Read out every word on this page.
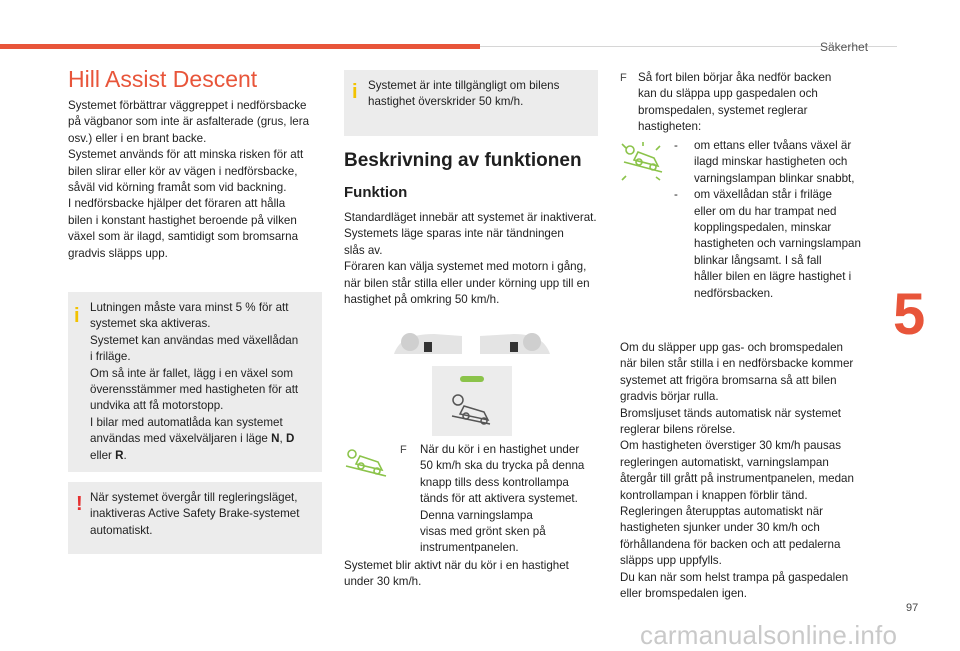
Säkerhet
5
97
carmanualsonline.info
Hill Assist Descent

Systemet förbättrar väggreppet i nedförsbacke

på vägbanor som inte är asfalterade (grus, lera

osv.) eller i en brant backe.

Systemet används för att minska risken för att

bilen slirar eller kör av vägen i nedförsbacke,

såväl vid körning framåt som vid backning.

I nedförsbacke hjälper det föraren att hålla

bilen i konstant hastighet beroende på vilken

växel som är ilagd, samtidigt som bromsarna

gradvis släpps upp.

i Lutningen måste vara minst 5 % för att

systemet ska aktiveras.

Systemet kan användas med växellådan

i friläge.

Om så inte är fallet, lägg i en växel som

överensstämmer med hastigheten för att

undvika att få motorstopp.

I bilar med automatlåda kan systemet

användas med växelväljaren i läge N, D

eller R.

! När systemet övergår till regleringsläget,

inaktiveras Active Safety Brake-systemet

automatiskt.

i Systemet är inte tillgängligt om bilens

hastighet överskrider 50 km/h.

Beskrivning av funktionen
Funktion

Standardläget innebär att systemet är inaktiverat.

Systemets läge sparas inte när tändningen

slås av.

Föraren kan välja systemet med motorn i gång,

när bilen står stilla eller under körning upp till en

hastighet på omkring 50 km/h.

F När du kör i en hastighet under

50 km/h ska du trycka på denna

knapp tills dess kontrollampa

tänds för att aktivera systemet.

Denna varningslampa

visas med grönt sken på

instrumentpanelen.

Systemet blir aktivt när du kör i en hastighet

under 30 km/h.

F Så fort bilen börjar åka nedför backen

kan du släppa upp gaspedalen och

bromspedalen, systemet reglerar

hastigheten:

- om ettans eller tvåans växel är

ilagd minskar hastigheten och

varningslampan blinkar snabbt,

- om växellådan står i friläge

eller om du har trampat ned

kopplingspedalen, minskar

hastigheten och varningslampan

blinkar långsamt. I så fall

håller bilen en lägre hastighet i

nedförsbacken.

Om du släpper upp gas- och bromspedalen

när bilen står stilla i en nedförsbacke kommer

systemet att frigöra bromsarna så att bilen

gradvis börjar rulla.

Bromsljuset tänds automatisk när systemet

reglerar bilens rörelse.

Om hastigheten överstiger 30 km/h pausas

regleringen automatiskt, varningslampan

återgår till grått på instrumentpanelen, medan

kontrollampan i knappen förblir tänd.

Regleringen återupptas automatiskt när

hastigheten sjunker under 30 km/h och

förhållandena för backen och att pedalerna

släpps upp uppfylls.

Du kan när som helst trampa på gaspedalen

eller bromspedalen igen.
